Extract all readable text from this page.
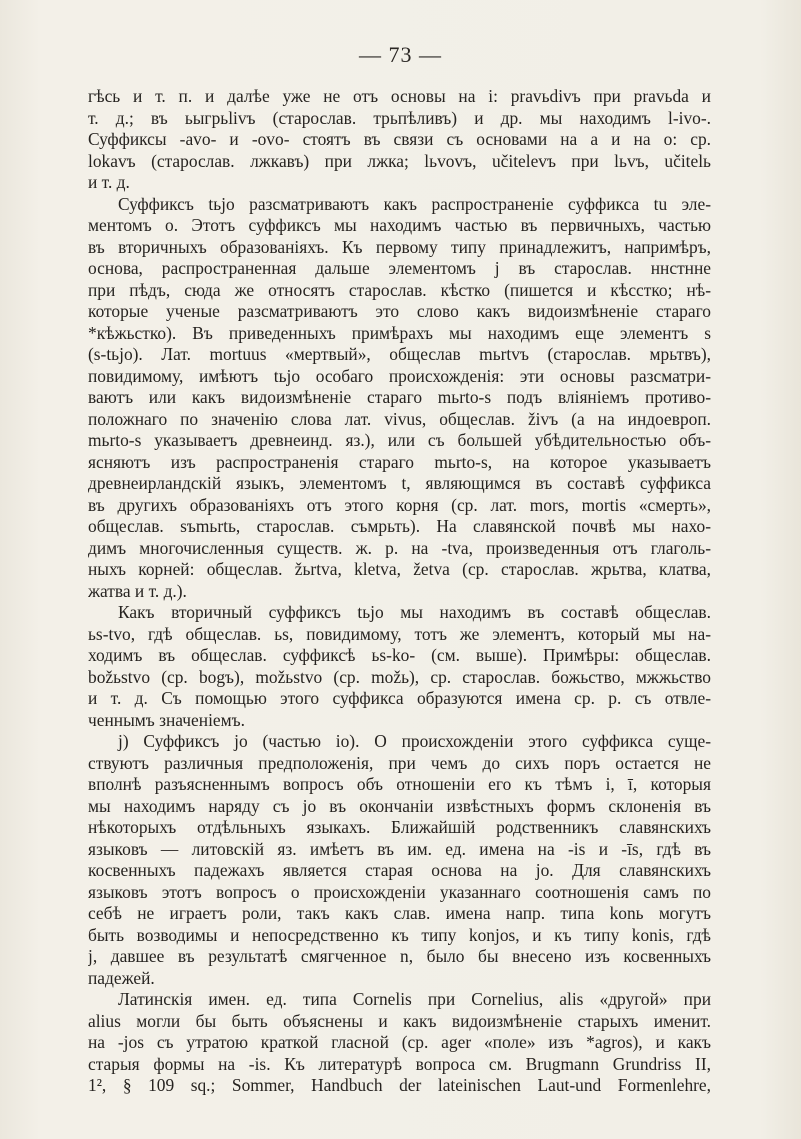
— 73 —
гѣсь и т. п. и далѣе уже не отъ основы на i: pravьdivъ при pravьda и
т. д.; въ ьыгрьlivъ (старослав. трьпѣливъ) и др. мы находимъ l-ivo-.
Суффиксы -avo- и -ovo- стоятъ въ связи съ основами на а и на о: ср.
lokavъ (старослав. лжкавъ) при лжка; lьvovъ, učitelevъ при lьvъ, učitelь
и т. д.
Суффиксъ tьjo разсматриваютъ какъ распространеніе суффикса tu эле-
ментомъ о. Этотъ суффиксъ мы находимъ частью въ первичныхъ, частью
въ вторичныхъ образованіяхъ. Къ первому типу принадлежитъ, напримѣръ,
основа, распространенная дальше элементомъ j въ старослав. ннстнне
при пѣдъ, сюда же относятъ старослав. кѣстко (пишется и кѣсстко; нѣ-
которые ученые разсматриваютъ это слово какъ видоизмѣненіе стараго
*кѣжьстко). Въ приведенныхъ примѣрахъ мы находимъ еще элементъ s
(s-tьjo). Лат. mortuus «мертвый», общеслав mьrtvъ (старослав. мрьтвъ),
повидимому, имѣютъ tьjo особаго происхожденія: эти основы разсматри-
ваютъ или какъ видоизмѣненіе стараго mьrtо-s подъ вліяніемъ противо-
положнаго по значенію слова лат. vivus, общеслав. živъ (а на индоевроп.
mьrtо-s указываетъ древнеинд. яз.), или съ большей убѣдительностью объ-
ясняютъ изъ распространенія стараго mьrtо-s, на которое указываетъ
древнеирландскій языкъ, элементомъ t, являющимся въ составѣ суффикса
въ другихъ образованіяхъ отъ этого корня (ср. лат. mors, mortis «смерть»,
общеслав. sъmьrtь, старослав. съмрьть). На славянской почвѣ мы нахо-
димъ многочисленныя существ. ж. р. на -tvа, произведенныя отъ глаголь-
ныхъ корней: общеслав. žьrtvа, kletva, žetva (ср. старослав. жрьтва, клатва,
жатва и т. д.).
Какъ вторичный суффиксъ tьjo мы находимъ въ составѣ общеслав.
ьs-tvo, гдѣ общеслав. ьs, повидимому, тотъ же элементъ, который мы на-
ходимъ въ общеслав. суффиксѣ ьs-ko- (см. выше). Примѣры: общеслав.
božьstvo (ср. bogъ), možьstvo (ср. možь), ср. старослав. божьство, мжжьство
и т. д. Съ помощью этого суффикса образуются имена ср. р. съ отвле-
ченнымъ значеніемъ.
j) Суффиксъ jo (частью io). О происхожденіи этого суффикса суще-
ствуютъ различныя предположенія, при чемъ до сихъ поръ остается не
вполнѣ разъясненнымъ вопросъ объ отношеніи его къ тѣмъ i, ī, которыя
мы находимъ наряду съ jo въ окончаніи извѣстныхъ формъ склоненія въ
нѣкоторыхъ отдѣльныхъ языкахъ. Ближайшій родственникъ славянскихъ
языковъ — литовскій яз. имѣетъ въ им. ед. имена на -is и -īs, гдѣ въ
косвенныхъ падежахъ является старая основа на jo. Для славянскихъ
языковъ этотъ вопросъ о происхожденіи указаннаго соотношенія самъ по
себѣ не играетъ роли, такъ какъ слав. имена напр. типа konь могутъ
быть возводимы и непосредственно къ типу konjos, и къ типу konis, гдѣ
j, давшее въ результатѣ смягченное n, было бы внесено изъ косвенныхъ
падежей.
Латинскія имен. ед. типа Cornelis при Cornelius, alis «другой» при
alius могли бы быть объяснены и какъ видоизмѣненіе старыхъ именит.
на -jos съ утратою краткой гласной (ср. ager «поле» изъ *agros), и какъ
старыя формы на -is. Къ литературѣ вопроса см. Brugmann Grundriss II,
1², § 109 sq.; Sommer, Handbuch der lateinischen Laut-und Formenlehre,
